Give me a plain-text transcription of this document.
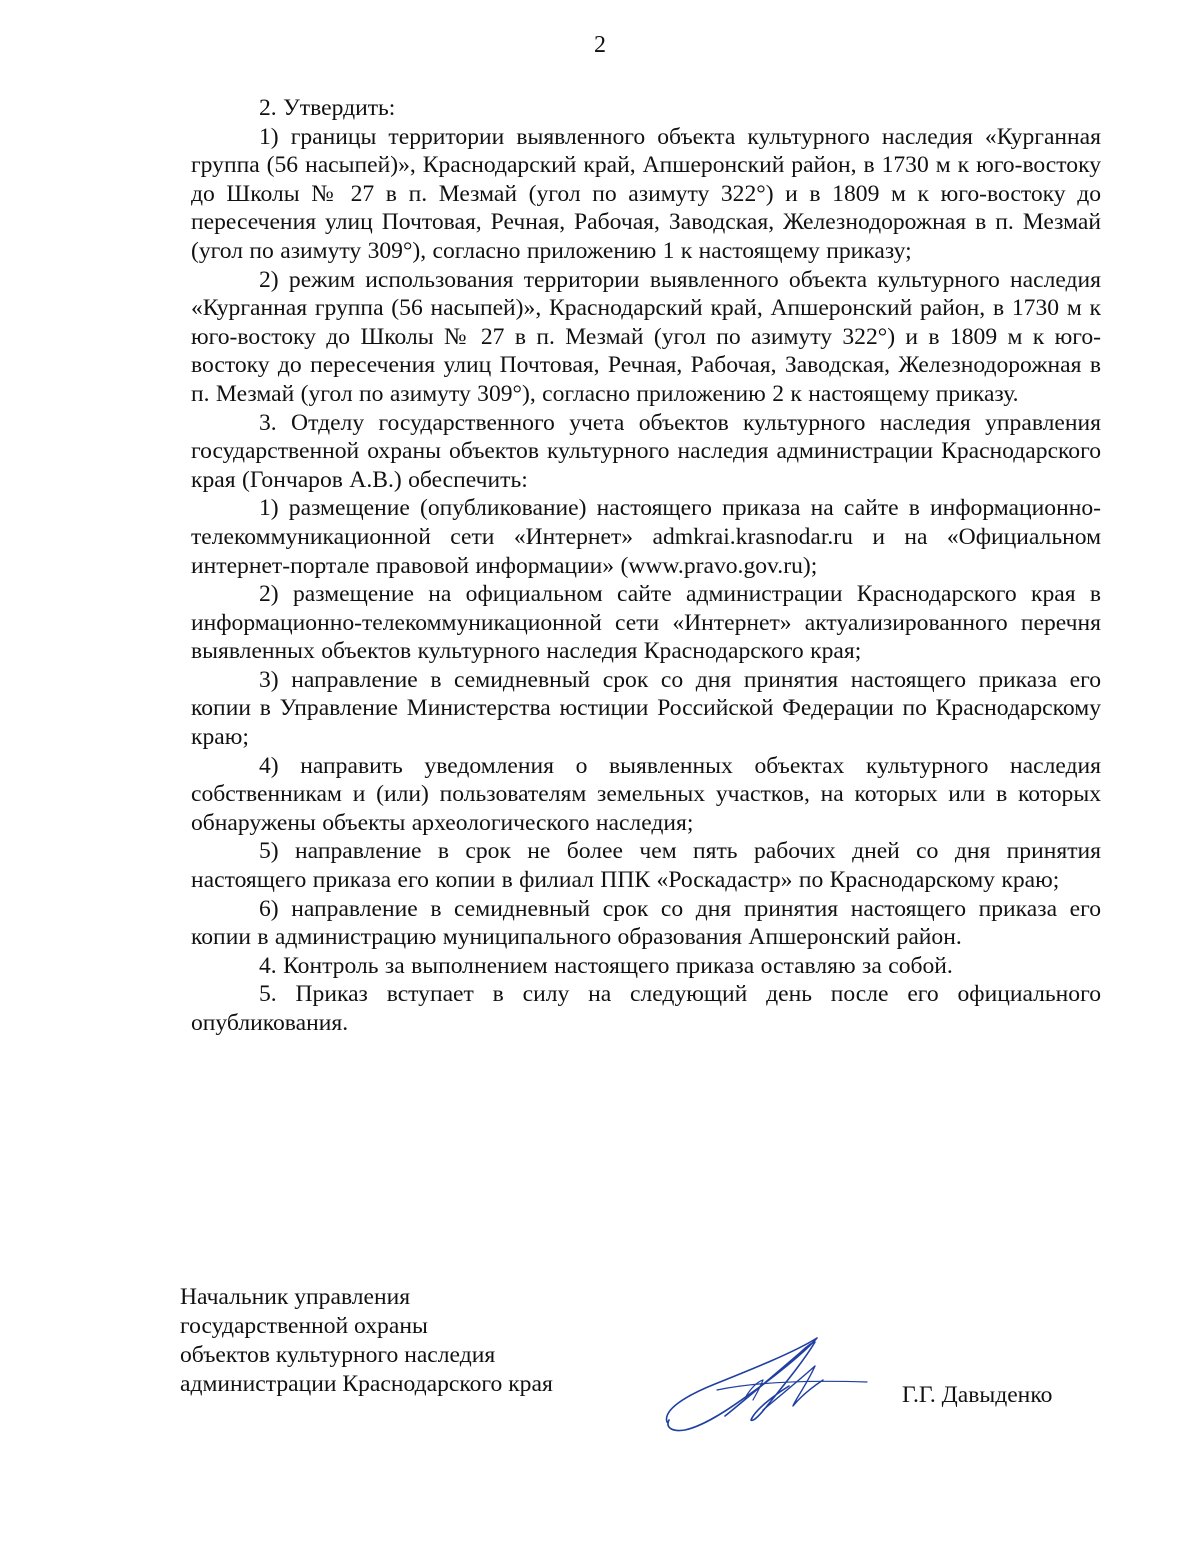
2

2. Утвердить:

1) границы территории выявленного объекта культурного наследия «Курганная группа (56 насыпей)», Краснодарский край, Апшеронский район, в 1730 м к юго-востоку до Школы № 27 в п. Мезмай (угол по азимуту 322°) и в 1809 м к юго-востоку до пересечения улиц Почтовая, Речная, Рабочая, Заводская, Железнодорожная в п. Мезмай (угол по азимуту 309°), согласно приложению 1 к настоящему приказу;

2) режим использования территории выявленного объекта культурного наследия «Курганная группа (56 насыпей)», Краснодарский край, Апшеронский район, в 1730 м к юго-востоку до Школы № 27 в п. Мезмай (угол по азимуту 322°) и в 1809 м к юго-востоку до пересечения улиц Почтовая, Речная, Рабочая, Заводская, Железнодорожная в п. Мезмай (угол по азимуту 309°), согласно приложению 2 к настоящему приказу.

3. Отделу государственного учета объектов культурного наследия управления государственной охраны объектов культурного наследия администрации Краснодарского края (Гончаров А.В.) обеспечить:

1) размещение (опубликование) настоящего приказа на сайте в информационно-телекоммуникационной сети «Интернет» admkrai.krasnodar.ru и на «Официальном интернет-портале правовой информации» (www.pravo.gov.ru);

2) размещение на официальном сайте администрации Краснодарского края в информационно-телекоммуникационной сети «Интернет» актуализированного перечня выявленных объектов культурного наследия Краснодарского края;

3) направление в семидневный срок со дня принятия настоящего приказа его копии в Управление Министерства юстиции Российской Федерации по Краснодарскому краю;

4) направить уведомления о выявленных объектах культурного наследия собственникам и (или) пользователям земельных участков, на которых или в которых обнаружены объекты археологического наследия;

5) направление в срок не более чем пять рабочих дней со дня принятия настоящего приказа его копии в филиал ППК «Роскадастр» по Краснодарскому краю;

6) направление в семидневный срок со дня принятия настоящего приказа его копии в администрацию муниципального образования Апшеронский район.

4. Контроль за выполнением настоящего приказа оставляю за собой.

5. Приказ вступает в силу на следующий день после его официального опубликования.

Начальник управления
государственной охраны
объектов культурного наследия
администрации Краснодарского края	Г.Г. Давыденко
